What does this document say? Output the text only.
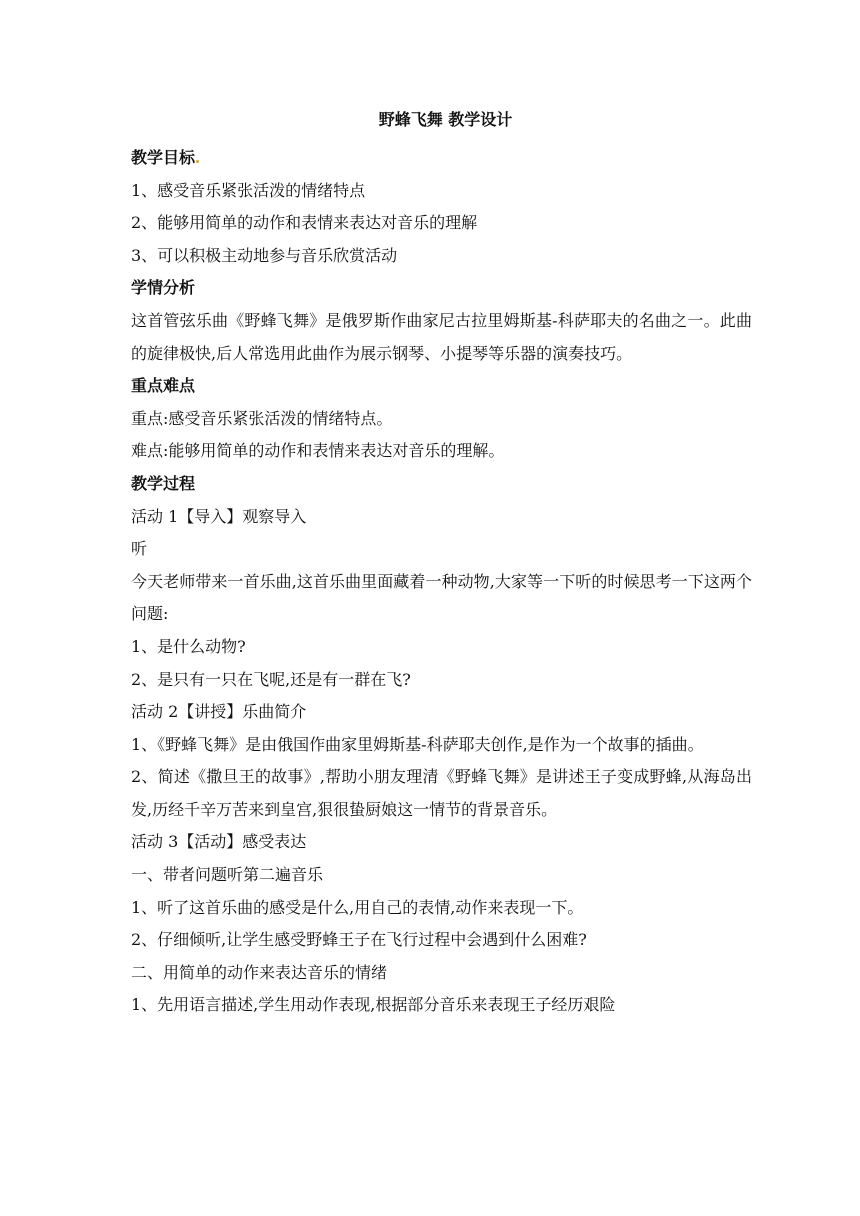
野蜂飞舞 教学设计
教学目标
1、感受音乐紧张活泼的情绪特点
2、能够用简单的动作和表情来表达对音乐的理解
3、可以积极主动地参与音乐欣赏活动
学情分析
这首管弦乐曲《野蜂飞舞》是俄罗斯作曲家尼古拉里姆斯基-科萨耶夫的名曲之一。此曲的旋律极快,后人常选用此曲作为展示钢琴、小提琴等乐器的演奏技巧。
重点难点
重点:感受音乐紧张活泼的情绪特点。
难点:能够用简单的动作和表情来表达对音乐的理解。
教学过程
活动 1【导入】观察导入
听
今天老师带来一首乐曲,这首乐曲里面藏着一种动物,大家等一下听的时候思考一下这两个问题:
1、是什么动物?
2、是只有一只在飞呢,还是有一群在飞?
活动 2【讲授】乐曲简介
1、《野蜂飞舞》是由俄国作曲家里姆斯基-科萨耶夫创作,是作为一个故事的插曲。
2、简述《撒旦王的故事》,帮助小朋友理清《野蜂飞舞》是讲述王子变成野蜂,从海岛出发,历经千辛万苦来到皇宫,狠很蛰厨娘这一情节的背景音乐。
活动 3【活动】感受表达
一、带者问题听第二遍音乐
1、听了这首乐曲的感受是什么,用自己的表情,动作来表现一下。
2、仔细倾听,让学生感受野蜂王子在飞行过程中会遇到什么困难?
二、用简单的动作来表达音乐的情绪
1、先用语言描述,学生用动作表现,根据部分音乐来表现王子经历艰险
